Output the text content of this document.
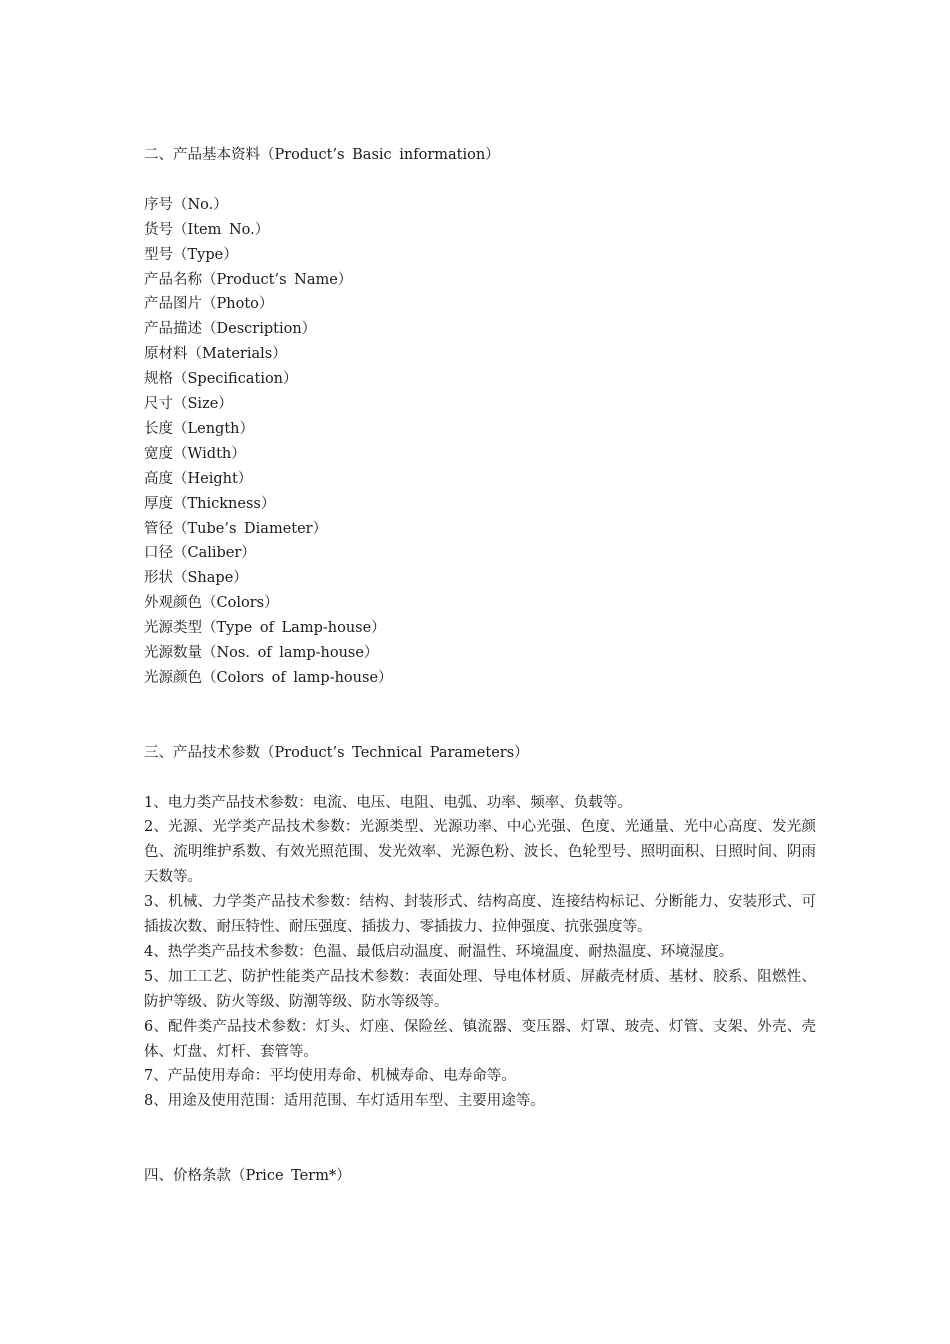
二、产品基本资料（Product’s Basic information）
序号（No.）
货号（Item No.）
型号（Type）
产品名称（Product’s Name）
产品图片（Photo）
产品描述（Description）
原材料（Materials）
规格（Specification）
尺寸（Size）
长度（Length）
宽度（Width）
高度（Height）
厚度（Thickness）
管径（Tube’s Diameter）
口径（Caliber）
形状（Shape）
外观颜色（Colors）
光源类型（Type of Lamp-house）
光源数量（Nos. of lamp-house）
光源颜色（Colors of lamp-house）
三、产品技术参数（Product’s Technical Parameters）
1、电力类产品技术参数：电流、电压、电阻、电弧、功率、频率、负载等。
2、光源、光学类产品技术参数：光源类型、光源功率、中心光强、色度、光通量、光中心高度、发光颜色、流明维护系数、有效光照范围、发光效率、光源色粉、波长、色轮型号、照明面积、日照时间、阴雨天数等。
3、机械、力学类产品技术参数：结构、封装形式、结构高度、连接结构标记、分断能力、安装形式、可插拔次数、耐压特性、耐压强度、插拔力、零插拔力、拉伸强度、抗张强度等。
4、热学类产品技术参数：色温、最低启动温度、耐温性、环境温度、耐热温度、环境湿度。
5、加工工艺、防护性能类产品技术参数：表面处理、导电体材质、屏蔽壳材质、基材、胶系、阻燃性、防护等级、防火等级、防潮等级、防水等级等。
6、配件类产品技术参数：灯头、灯座、保险丝、镇流器、变压器、灯罩、玻壳、灯管、支架、外壳、壳体、灯盘、灯杆、套管等。
7、产品使用寿命：平均使用寿命、机械寿命、电寿命等。
8、用途及使用范围：适用范围、车灯适用车型、主要用途等。
四、价格条款（Price Term*）
